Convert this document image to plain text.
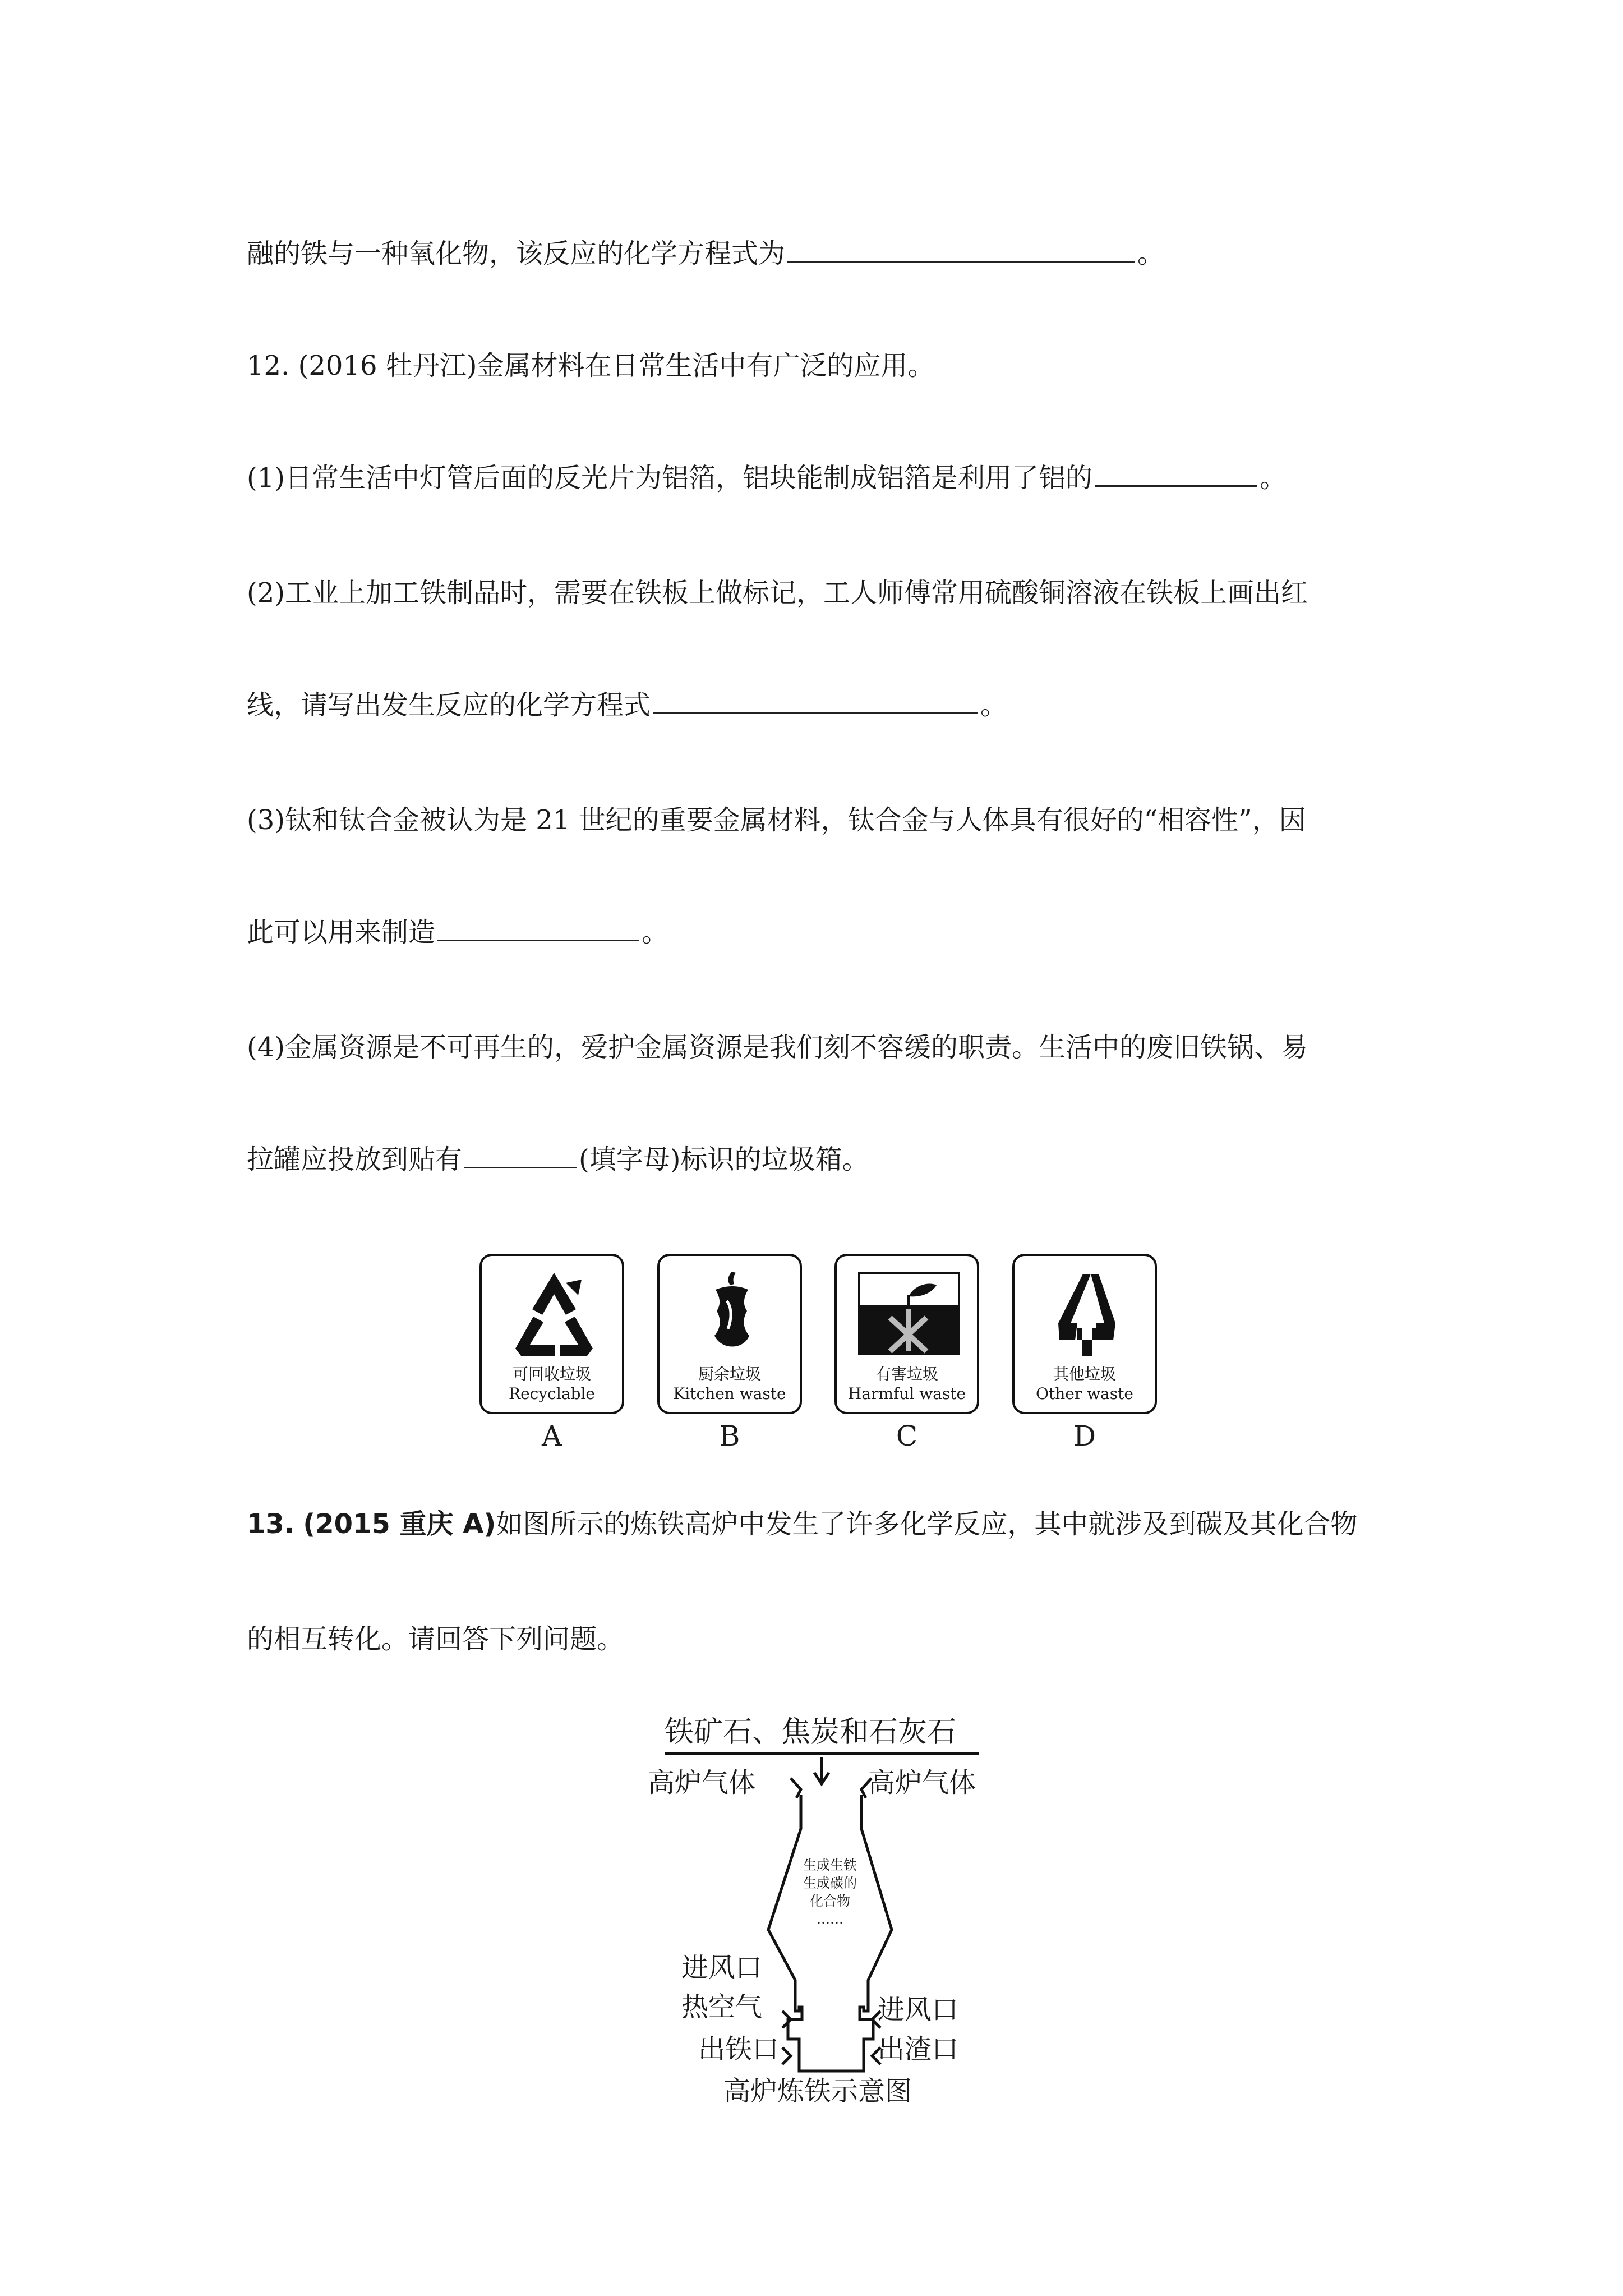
融的铁与一种氧化物，该反应的化学方程式为	。
12. (2016 牡丹江)金属材料在日常生活中有广泛的应用。
(1)日常生活中灯管后面的反光片为铝箔，铝块能制成铝箔是利用了铝的	。
(2)工业上加工铁制品时，需要在铁板上做标记，工人师傅常用硫酸铜溶液在铁板上画出红
线，请写出发生反应的化学方程式	。
(3)钛和钛合金被认为是 21 世纪的重要金属材料，钛合金与人体具有很好的“相容性”，因
此可以用来制造	。
(4)金属资源是不可再生的，爱护金属资源是我们刻不容缓的职责。生活中的废旧铁锅、易
拉罐应投放到贴有	(填字母)标识的垃圾箱。
可回收垃圾
Recyclable
A
厨余垃圾
Kitchen waste
B
有害垃圾
Harmful waste
C
其他垃圾
Other waste
D
13. (2015 重庆 A)如图所示的炼铁高炉中发生了许多化学反应，其中就涉及到碳及其化合物
的相互转化。请回答下列问题。
铁矿石、焦炭和石灰石
高炉气体	高炉气体
生成生铁
生成碳的
化合物
……
进风口
热空气
出铁口
进风口
出渣口
高炉炼铁示意图
